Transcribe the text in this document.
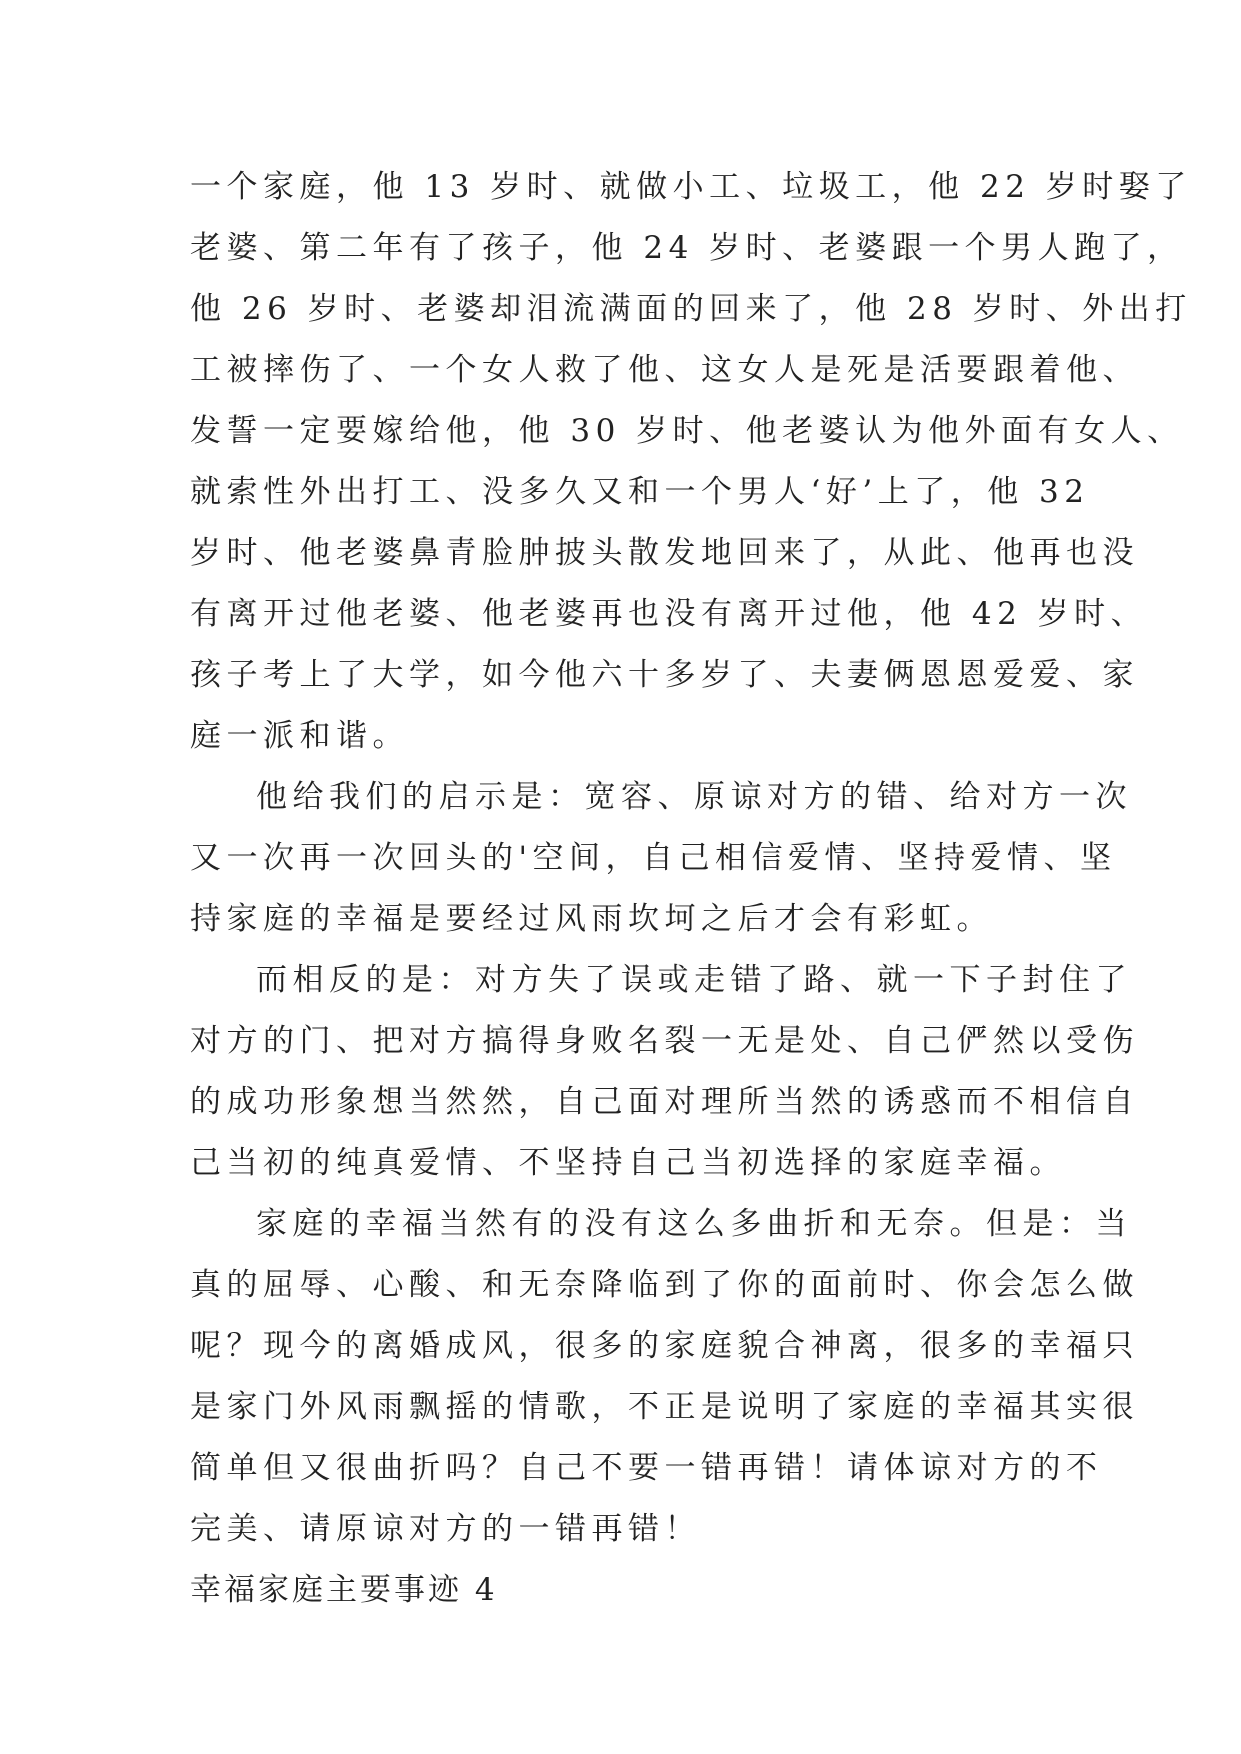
一个家庭，他 13 岁时、就做小工、垃圾工，他 22 岁时娶了
老婆、第二年有了孩子，他 24 岁时、老婆跟一个男人跑了，
他 26 岁时、老婆却泪流满面的回来了，他 28 岁时、外出打
工被摔伤了、一个女人救了他、这女人是死是活要跟着他、
发誓一定要嫁给他，他 30 岁时、他老婆认为他外面有女人、
就索性外出打工、没多久又和一个男人‘好’上了，他 32
岁时、他老婆鼻青脸肿披头散发地回来了，从此、他再也没
有离开过他老婆、他老婆再也没有离开过他，他 42 岁时、
孩子考上了大学，如今他六十多岁了、夫妻俩恩恩爱爱、家
庭一派和谐。
他给我们的启示是：宽容、原谅对方的错、给对方一次
又一次再一次回头的'空间，自己相信爱情、坚持爱情、坚
持家庭的幸福是要经过风雨坎坷之后才会有彩虹。
而相反的是：对方失了误或走错了路、就一下子封住了
对方的门、把对方搞得身败名裂一无是处、自己俨然以受伤
的成功形象想当然然，自己面对理所当然的诱惑而不相信自
己当初的纯真爱情、不坚持自己当初选择的家庭幸福。
家庭的幸福当然有的没有这么多曲折和无奈。但是：当
真的屈辱、心酸、和无奈降临到了你的面前时、你会怎么做
呢？现今的离婚成风，很多的家庭貌合神离，很多的幸福只
是家门外风雨飘摇的情歌，不正是说明了家庭的幸福其实很
简单但又很曲折吗？自己不要一错再错！请体谅对方的不
完美、请原谅对方的一错再错！
幸福家庭主要事迹 4
